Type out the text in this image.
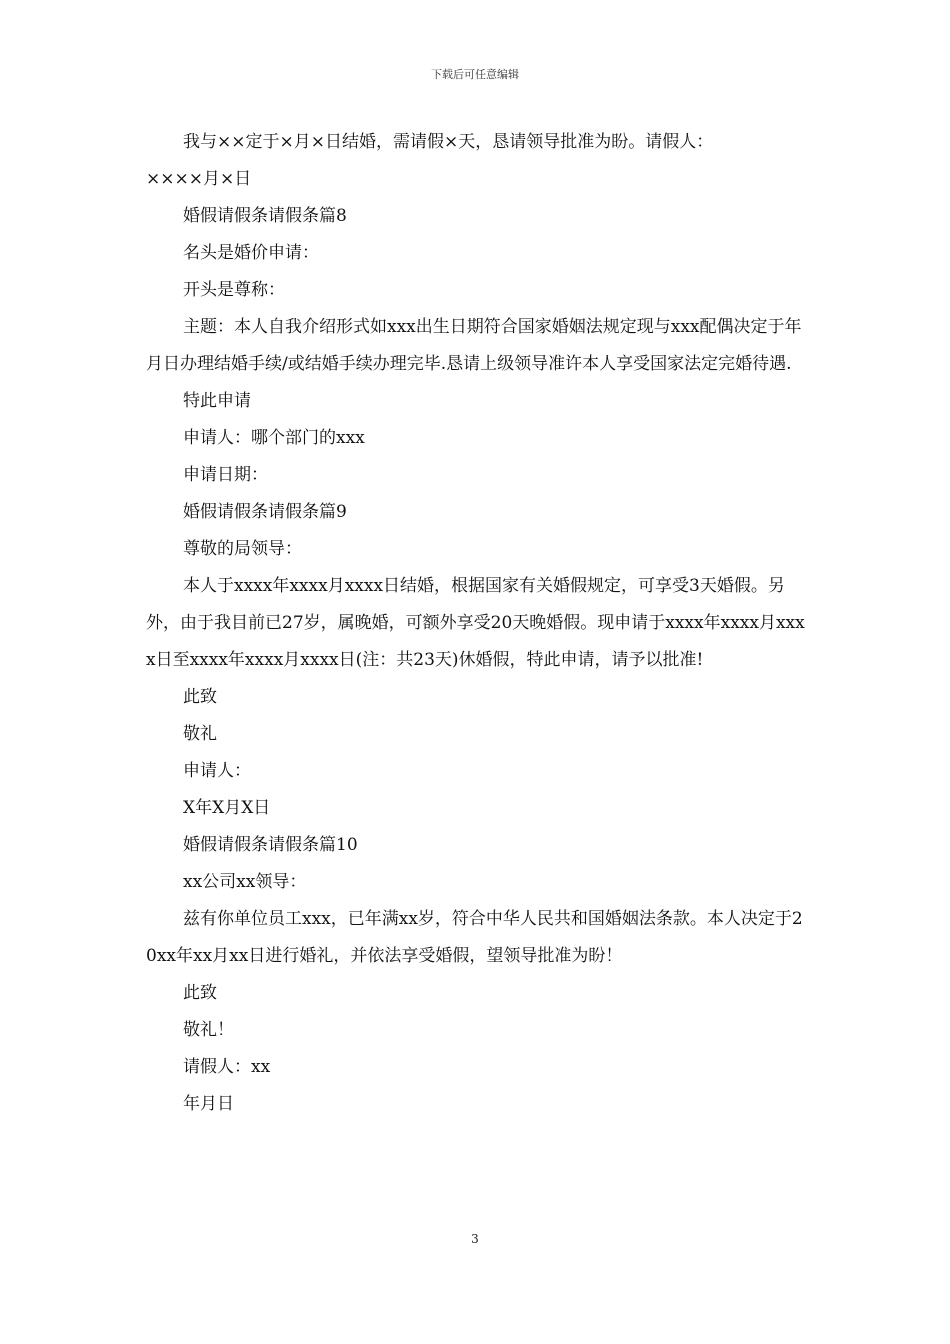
下载后可任意编辑

我与××定于×月×日结婚，需请假×天，恳请领导批准为盼。请假人：

××××月×日

婚假请假条请假条篇8

名头是婚价申请：

开头是尊称：

主题：本人自我介绍形式如xxx出生日期符合国家婚姻法规定现与xxx配偶决定于年月日办理结婚手续/或结婚手续办理完毕.恳请上级领导准许本人享受国家法定完婚待遇.

特此申请

申请人：哪个部门的xxx

申请日期：

婚假请假条请假条篇9

尊敬的局领导：

本人于xxxx年xxxx月xxxx日结婚，根据国家有关婚假规定，可享受3天婚假。另外，由于我目前已27岁，属晚婚，可额外享受20天晚婚假。现申请于xxxx年xxxx月xxxx日至xxxx年xxxx月xxxx日(注：共23天)休婚假，特此申请，请予以批准!

此致

敬礼

申请人：

X年X月X日

婚假请假条请假条篇10

xx公司xx领导：

兹有你单位员工xxx，已年满xx岁，符合中华人民共和国婚姻法条款。本人决定于20xx年xx月xx日进行婚礼，并依法享受婚假，望领导批准为盼！

此致

敬礼！

请假人：xx

年月日

3
